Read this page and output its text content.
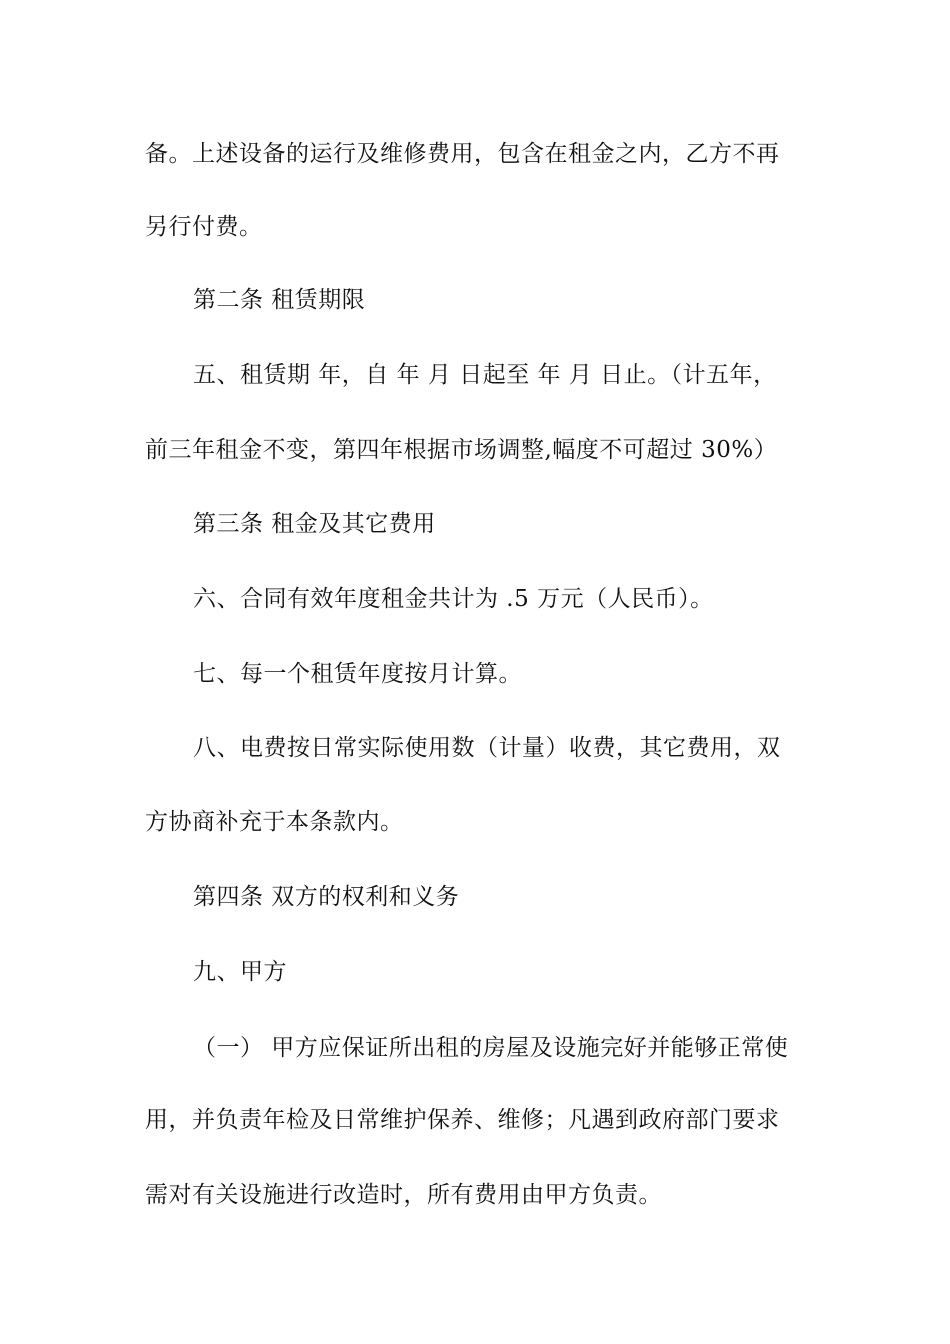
备。上述设备的运行及维修费用，包含在租金之内，乙方不再
另行付费。
第二条 租赁期限
五、租赁期 年，自 年 月 日起至 年 月 日止。（计五年，
前三年租金不变，第四年根据市场调整,幅度不可超过 30%）
第三条 租金及其它费用
六、合同有效年度租金共计为 .5 万元（人民币）。
七、每一个租赁年度按月计算。
八、电费按日常实际使用数（计量）收费，其它费用，双
方协商补充于本条款内。
第四条 双方的权利和义务
九、甲方
（一） 甲方应保证所出租的房屋及设施完好并能够正常使
用，并负责年检及日常维护保养、维修；凡遇到政府部门要求
需对有关设施进行改造时，所有费用由甲方负责。
